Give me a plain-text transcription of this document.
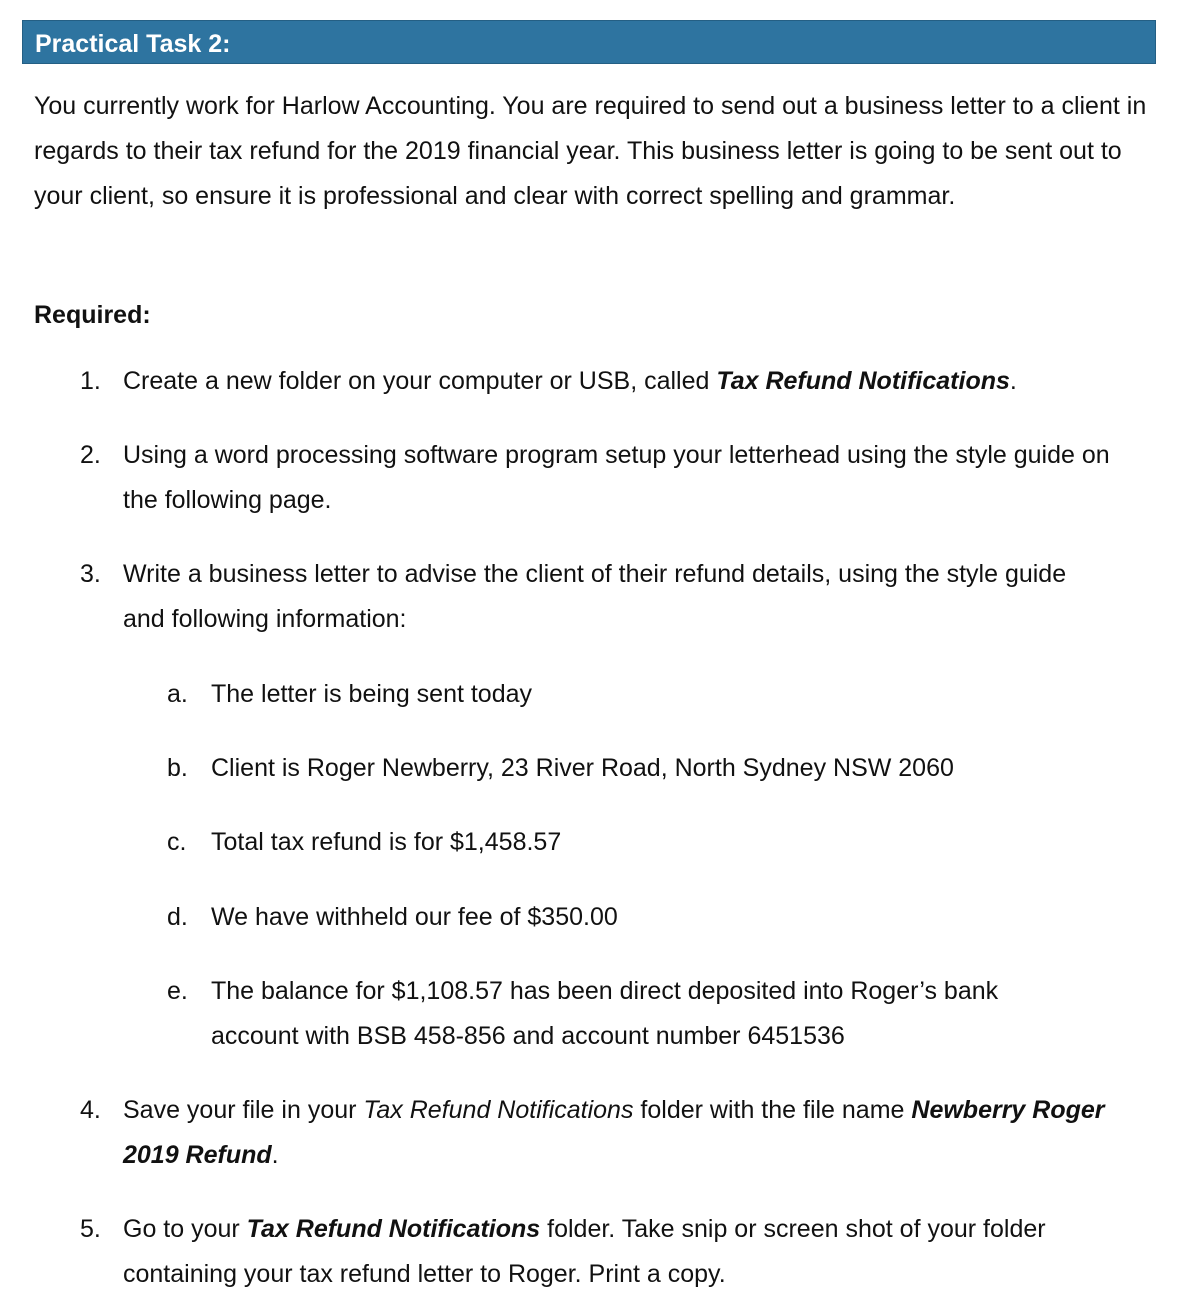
Practical Task 2:

You currently work for Harlow Accounting. You are required to send out a business letter to a client in regards to their tax refund for the 2019 financial year. This business letter is going to be sent out to your client, so ensure it is professional and clear with correct spelling and grammar.

Required:

1. Create a new folder on your computer or USB, called Tax Refund Notifications.
2. Using a word processing software program setup your letterhead using the style guide on the following page.
3. Write a business letter to advise the client of their refund details, using the style guide and following information:
a. The letter is being sent today
b. Client is Roger Newberry, 23 River Road, North Sydney NSW 2060
c. Total tax refund is for $1,458.57
d. We have withheld our fee of $350.00
e. The balance for $1,108.57 has been direct deposited into Roger’s bank account with BSB 458-856 and account number 6451536
4. Save your file in your Tax Refund Notifications folder with the file name Newberry Roger 2019 Refund.
5. Go to your Tax Refund Notifications folder. Take snip or screen shot of your folder containing your tax refund letter to Roger. Print a copy.
